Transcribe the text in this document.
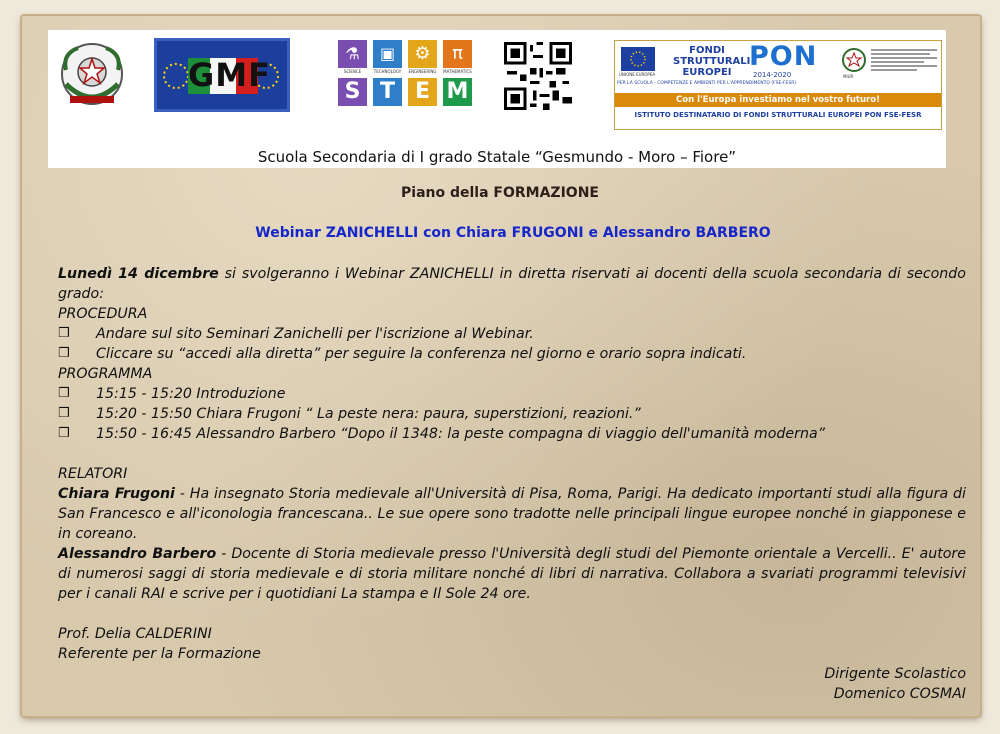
GMF
⚗	▣	⚙	π
SCIENCE	TECHNOLOGY ENGINEERING MATHEMATICS
S T E M
UNIONE EUROPEA
FONDI
STRUTTURALI
EUROPEI
PON
2014-2020	MIUR
PER LA SCUOLA - COMPETENZE E AMBIENTI PER L'APPRENDIMENTO (FSE-FESR)
Con l'Europa investiamo nel vostro futuro!
ISTITUTO DESTINATARIO DI FONDI STRUTTURALI EUROPEI PON FSE-FESR
Scuola Secondaria di I grado Statale “Gesmundo - Moro – Fiore”
Piano della FORMAZIONE
Webinar ZANICHELLI con Chiara FRUGONI e Alessandro BARBERO

Lunedì 14 dicembre si svolgeranno i Webinar ZANICHELLI in diretta riservati ai docenti della scuola secondaria di secondo grado:

PROCEDURA

❒	Andare sul sito Seminari Zanichelli per l'iscrizione al Webinar.
❒	Cliccare su “accedi alla diretta” per seguire la conferenza nel giorno e orario sopra indicati.

PROGRAMMA

❒	15:15 - 15:20 Introduzione
❒	15:20 - 15:50 Chiara Frugoni “ La peste nera: paura, superstizioni, reazioni.”
❒	15:50 - 16:45 Alessandro Barbero “Dopo il 1348: la peste compagna di viaggio dell'umanità moderna”

RELATORI

Chiara Frugoni - Ha insegnato Storia medievale all'Università di Pisa, Roma, Parigi. Ha dedicato importanti studi alla figura di San Francesco e all'iconologia francescana.. Le sue opere sono tradotte nelle principali lingue europee nonché in giapponese e in coreano.

Alessandro Barbero - Docente di Storia medievale presso l'Università degli studi del Piemonte orientale a Vercelli.. E' autore di numerosi saggi di storia medievale e di storia militare nonché di libri di narrativa. Collabora a svariati programmi televisivi per i canali RAI e scrive per i quotidiani La stampa e Il Sole 24 ore.

Prof. Delia CALDERINI

Referente per la Formazione

Dirigente Scolastico
Domenico COSMAI
